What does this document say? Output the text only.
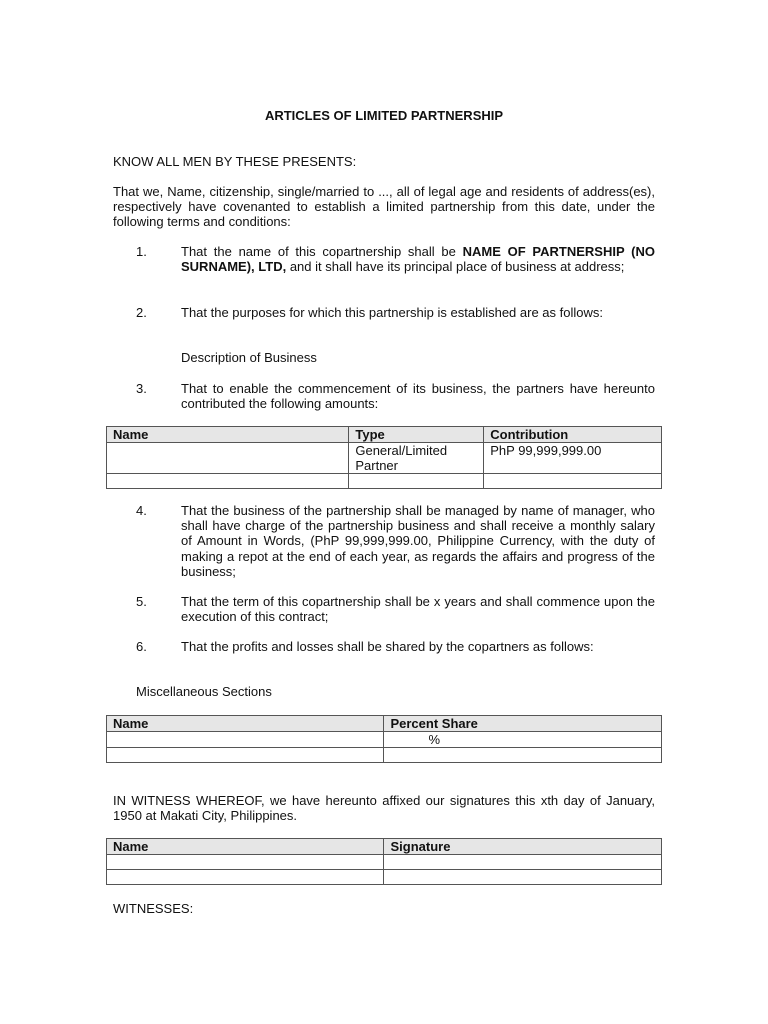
ARTICLES OF LIMITED PARTNERSHIP
KNOW ALL MEN BY THESE PRESENTS:
That we, Name, citizenship, single/married to ..., all of legal age and residents of address(es), respectively have covenanted to establish a limited partnership from this date, under the following terms and conditions:
1.	That the name of this copartnership shall be NAME OF PARTNERSHIP (NO SURNAME), LTD, and it shall have its principal place of business at address;
2.	That the purposes for which this partnership is established are as follows:
Description of Business
3.	That to enable the commencement of its business, the partners have hereunto contributed the following amounts:
Name	Type	Contribution
	General/Limited Partner	PhP 99,999,999.00

4.	That the business of the partnership shall be managed by name of manager, who shall have charge of the partnership business and shall receive a monthly salary of Amount in Words, (PhP 99,999,999.00, Philippine Currency, with the duty of making a repot at the end of each year, as regards the affairs and progress of the business;
5.	That the term of this copartnership shall be x years and shall commence upon the execution of this contract;
6.	That the profits and losses shall be shared by the copartners as follows:
Miscellaneous Sections
Name	Percent Share
	%

IN WITNESS WHEREOF, we have hereunto affixed our signatures this xth day of January, 1950 at Makati City, Philippines.
Name	Signature

WITNESSES:
